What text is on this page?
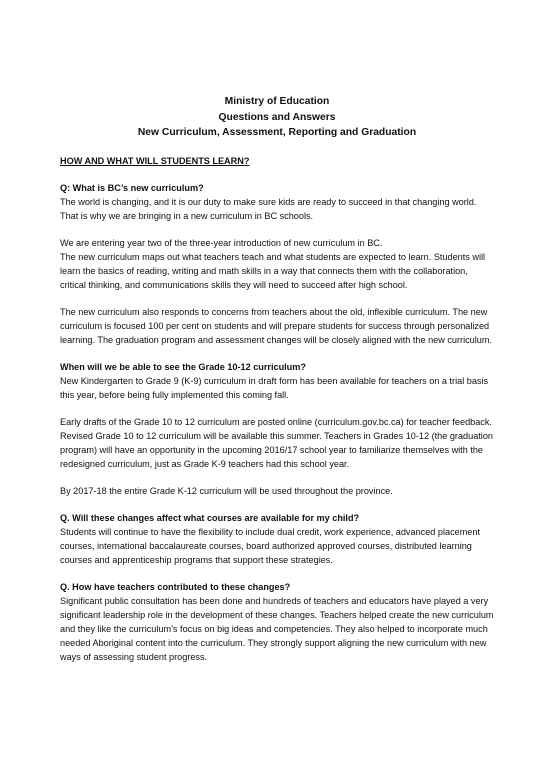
Ministry of Education
Questions and Answers
New Curriculum, Assessment, Reporting and Graduation
HOW AND WHAT WILL STUDENTS LEARN?

Q: What is BC’s new curriculum?

The world is changing, and it is our duty to make sure kids are ready to succeed in that changing world. That is why we are bringing in a new curriculum in BC schools.

We are entering year two of the three-year introduction of new curriculum in BC.

The new curriculum maps out what teachers teach and what students are expected to learn. Students will learn the basics of reading, writing and math skills in a way that connects them with the collaboration, critical thinking, and communications skills they will need to succeed after high school.

The new curriculum also responds to concerns from teachers about the old, inflexible curriculum. The new curriculum is focused 100 per cent on students and will prepare students for success through personalized learning. The graduation program and assessment changes will be closely aligned with the new curriculum.

When will we be able to see the Grade 10-12 curriculum?

New Kindergarten to Grade 9 (K-9) curriculum in draft form has been available for teachers on a trial basis this year, before being fully implemented this coming fall.

Early drafts of the Grade 10 to 12 curriculum are posted online (curriculum.gov.bc.ca) for teacher feedback. Revised Grade 10 to 12 curriculum will be available this summer. Teachers in Grades 10-12 (the graduation program) will have an opportunity in the upcoming 2016/17 school year to familiarize themselves with the redesigned curriculum, just as Grade K-9 teachers had this school year.

By 2017-18 the entire Grade K-12 curriculum will be used throughout the province.

Q. Will these changes affect what courses are available for my child?

Students will continue to have the flexibility to include dual credit, work experience, advanced placement courses, international baccalaureate courses, board authorized approved courses, distributed learning courses and apprenticeship programs that support these strategies.

Q. How have teachers contributed to these changes?

Significant public consultation has been done and hundreds of teachers and educators have played a very significant leadership role in the development of these changes. Teachers helped create the new curriculum and they like the curriculum’s focus on big ideas and competencies. They also helped to incorporate much needed Aboriginal content into the curriculum. They strongly support aligning the new curriculum with new ways of assessing student progress.
